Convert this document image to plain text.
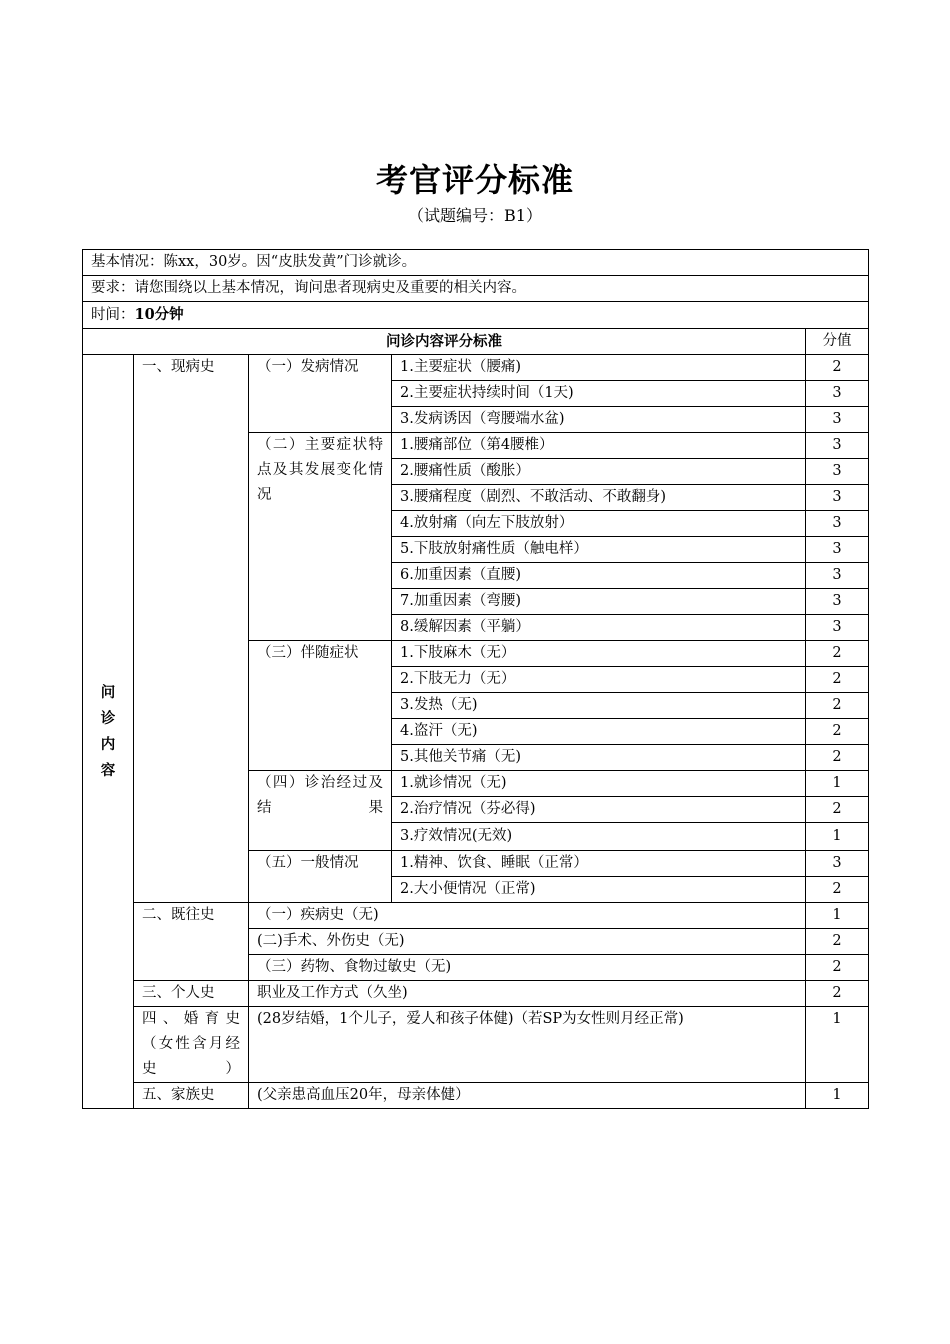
考官评分标准
（试题编号：B1）
基本情况：陈xx，30岁。因“皮肤发黄”门诊就诊。				
要求：请您围绕以上基本情况，询问患者现病史及重要的相关内容。				
时间：10分钟				
问诊内容评分标准				分值

问
诊
内
容	一、现病史	（一）发病情况	1.主要症状（腰痛)	2
			2.主要症状持续时间（1天)	3
			3.发病诱因（弯腰端水盆)	3
		（二）主要症状特点及其发展变化情况	1.腰痛部位（第4腰椎）	3
			2.腰痛性质（酸胀）	3
			3.腰痛程度（剧烈、不敢活动、不敢翻身)	3
			4.放射痛（向左下肢放射）	3
			5.下肢放射痛性质（触电样）	3
			6.加重因素（直腰)	3
			7.加重因素（弯腰)	3
			8.缓解因素（平躺）	3
		（三）伴随症状	1.下肢麻木（无）	2
			2.下肢无力（无）	2
			3.发热（无)	2
			4.盗汗（无)	2
			5.其他关节痛（无)	2
		（四）诊治经过及结果	1.就诊情况（无)	1
			2.治疗情况（芬必得)	2
			3.疗效情况(无效)	1
		（五）一般情况	1.精神、饮食、睡眠（正常）	3
			2.大小便情况（正常)	2
	二、既往史	（一）疾病史（无)		1
		(二)手术、外伤史（无)		2
		（三）药物、食物过敏史（无)		2
	三、个人史	职业及工作方式（久坐)		2
	四、婚育史（女性含月经史）	(28岁结婚，1个儿子，爱人和孩子体健)（若SP为女性则月经正常)		1
	五、家族史	(父亲患高血压20年，母亲体健）		1
